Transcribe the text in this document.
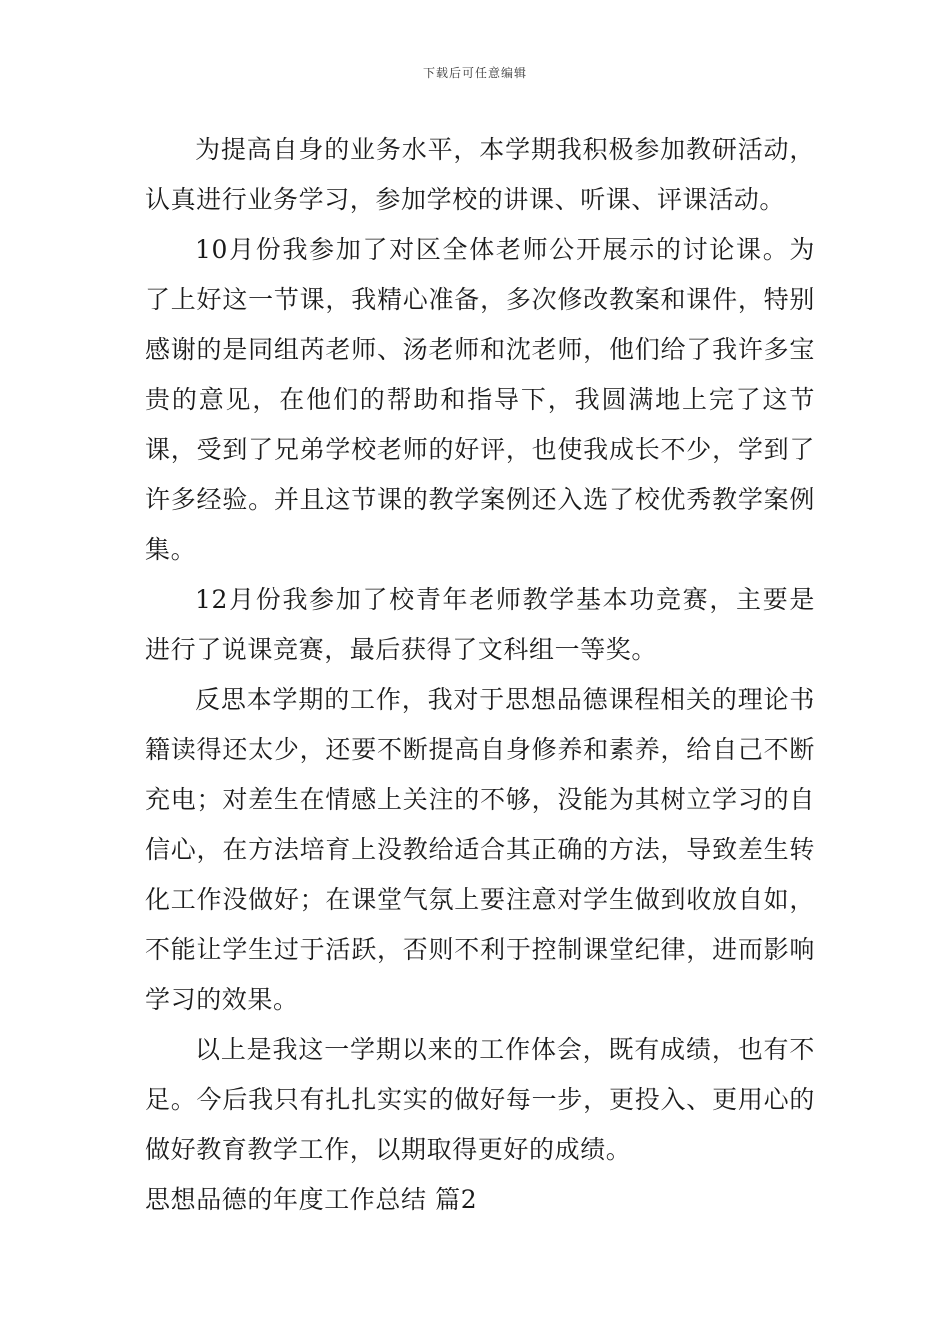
下载后可任意编辑

为提高自身的业务水平，本学期我积极参加教研活动，认真进行业务学习，参加学校的讲课、听课、评课活动。

10月份我参加了对区全体老师公开展示的讨论课。为了上好这一节课，我精心准备，多次修改教案和课件，特别感谢的是同组芮老师、汤老师和沈老师，他们给了我许多宝贵的意见，在他们的帮助和指导下，我圆满地上完了这节课，受到了兄弟学校老师的好评，也使我成长不少，学到了许多经验。并且这节课的教学案例还入选了校优秀教学案例集。

12月份我参加了校青年老师教学基本功竞赛，主要是进行了说课竞赛，最后获得了文科组一等奖。

反思本学期的工作，我对于思想品德课程相关的理论书籍读得还太少，还要不断提高自身修养和素养，给自己不断充电；对差生在情感上关注的不够，没能为其树立学习的自信心，在方法培育上没教给适合其正确的方法，导致差生转化工作没做好；在课堂气氛上要注意对学生做到收放自如，不能让学生过于活跃，否则不利于控制课堂纪律，进而影响学习的效果。

以上是我这一学期以来的工作体会，既有成绩，也有不足。今后我只有扎扎实实的做好每一步，更投入、更用心的做好教育教学工作，以期取得更好的成绩。

思想品德的年度工作总结 篇2
